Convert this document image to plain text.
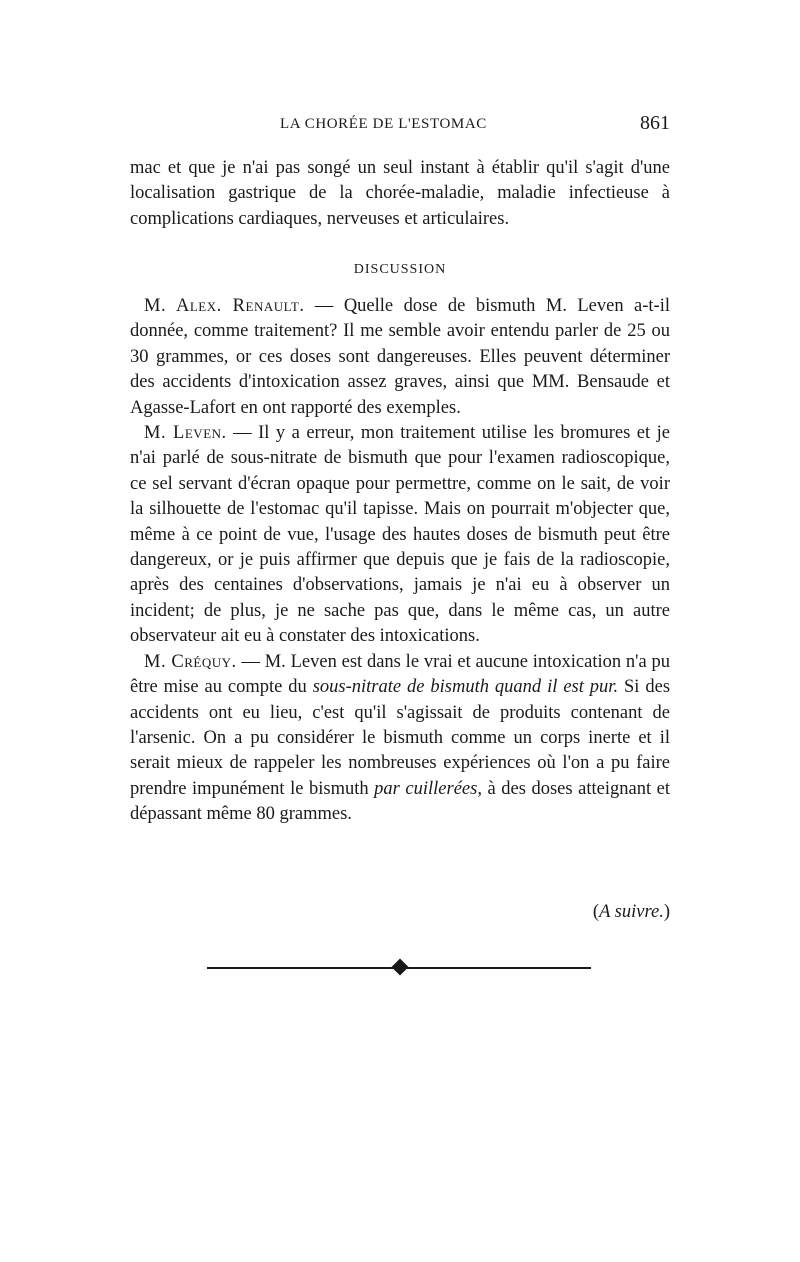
LA CHORÉE DE L'ESTOMAC	861

mac et que je n'ai pas songé un seul instant à établir qu'il s'agit d'une localisation gastrique de la chorée-maladie, maladie infectieuse à complications cardiaques, nerveuses et articulaires.

DISCUSSION

M. Alex. Renault. — Quelle dose de bismuth M. Leven a-t-il donnée, comme traitement? Il me semble avoir entendu parler de 25 ou 30 grammes, or ces doses sont dangereuses. Elles peuvent déterminer des accidents d'intoxication assez graves, ainsi que MM. Bensaude et Agasse-Lafort en ont rapporté des exemples.

M. Leven. — Il y a erreur, mon traitement utilise les bromures et je n'ai parlé de sous-nitrate de bismuth que pour l'examen radioscopique, ce sel servant d'écran opaque pour permettre, comme on le sait, de voir la silhouette de l'estomac qu'il tapisse. Mais on pourrait m'objecter que, même à ce point de vue, l'usage des hautes doses de bismuth peut être dangereux, or je puis affirmer que depuis que je fais de la radioscopie, après des centaines d'observations, jamais je n'ai eu à observer un incident; de plus, je ne sache pas que, dans le même cas, un autre observateur ait eu à constater des intoxications.

M. Créquy. — M. Leven est dans le vrai et aucune intoxication n'a pu être mise au compte du sous-nitrate de bismuth quand il est pur. Si des accidents ont eu lieu, c'est qu'il s'agissait de produits contenant de l'arsenic. On a pu considérer le bismuth comme un corps inerte et il serait mieux de rappeler les nombreuses expériences où l'on a pu faire prendre impunément le bismuth par cuillerées, à des doses atteignant et dépassant même 80 grammes.

(A suivre.)
